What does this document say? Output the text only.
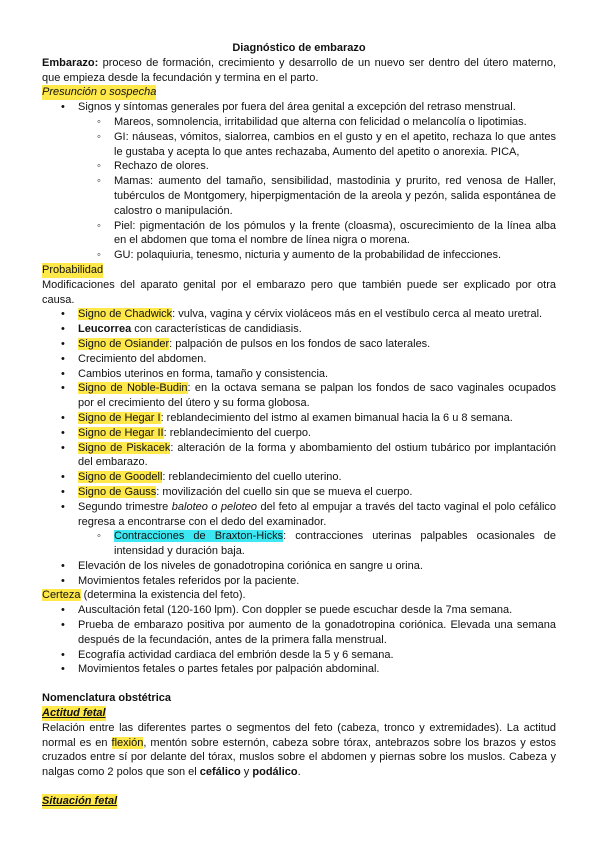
Diagnóstico de embarazo

Embarazo: proceso de formación, crecimiento y desarrollo de un nuevo ser dentro del útero materno, que empieza desde la fecundación y termina en el parto.

Presunción o sospecha

• Signos y síntomas generales por fuera del área genital a excepción del retraso menstrual.
◦ Mareos, somnolencia, irritabilidad que alterna con felicidad o melancolía o lipotimias.
◦ GI: náuseas, vómitos, sialorrea, cambios en el gusto y en el apetito, rechaza lo que antes le gustaba y acepta lo que antes rechazaba, Aumento del apetito o anorexia. PICA,
◦ Rechazo de olores.
◦ Mamas: aumento del tamaño, sensibilidad, mastodinia y prurito, red venosa de Haller, tubérculos de Montgomery, hiperpigmentación de la areola y pezón, salida espontánea de calostro o manipulación.
◦ Piel: pigmentación de los pómulos y la frente (cloasma), oscurecimiento de la línea alba en el abdomen que toma el nombre de línea nigra o morena.
◦ GU: polaquiuria, tenesmo, nicturia y aumento de la probabilidad de infecciones.

Probabilidad

Modificaciones del aparato genital por el embarazo pero que también puede ser explicado por otra causa.

• Signo de Chadwick: vulva, vagina y cérvix violáceos más en el vestíbulo cerca al meato uretral.
• Leucorrea con características de candidiasis.
• Signo de Osiander: palpación de pulsos en los fondos de saco laterales.
• Crecimiento del abdomen.
• Cambios uterinos en forma, tamaño y consistencia.
• Signo de Noble-Budin: en la octava semana se palpan los fondos de saco vaginales ocupados por el crecimiento del útero y su forma globosa.
• Signo de Hegar I: reblandecimiento del istmo al examen bimanual hacia la 6 u 8 semana.
• Signo de Hegar II: reblandecimiento del cuerpo.
• Signo de Piskacek: alteración de la forma y abombamiento del ostium tubárico por implantación del embarazo.
• Signo de Goodell: reblandecimiento del cuello uterino.
• Signo de Gauss: movilización del cuello sin que se mueva el cuerpo.
• Segundo trimestre baloteo o peloteo del feto al empujar a través del tacto vaginal el polo cefálico regresa a encontrarse con el dedo del examinador.
◦ Contracciones de Braxton-Hicks: contracciones uterinas palpables ocasionales de intensidad y duración baja.
• Elevación de los niveles de gonadotropina coriónica en sangre u orina.
• Movimientos fetales referidos por la paciente.

Certeza (determina la existencia del feto).

• Auscultación fetal (120-160 lpm). Con doppler se puede escuchar desde la 7ma semana.
• Prueba de embarazo positiva por aumento de la gonadotropina coriónica. Elevada una semana después de la fecundación, antes de la primera falla menstrual.
• Ecografía actividad cardiaca del embrión desde la 5 y 6 semana.
• Movimientos fetales o partes fetales por palpación abdominal.

Nomenclatura obstétrica

Actitud fetal

Relación entre las diferentes partes o segmentos del feto (cabeza, tronco y extremidades). La actitud normal es en flexión, mentón sobre esternón, cabeza sobre tórax, antebrazos sobre los brazos y estos cruzados entre sí por delante del tórax, muslos sobre el abdomen y piernas sobre los muslos. Cabeza y nalgas como 2 polos que son el cefálico y podálico.

Situación fetal
